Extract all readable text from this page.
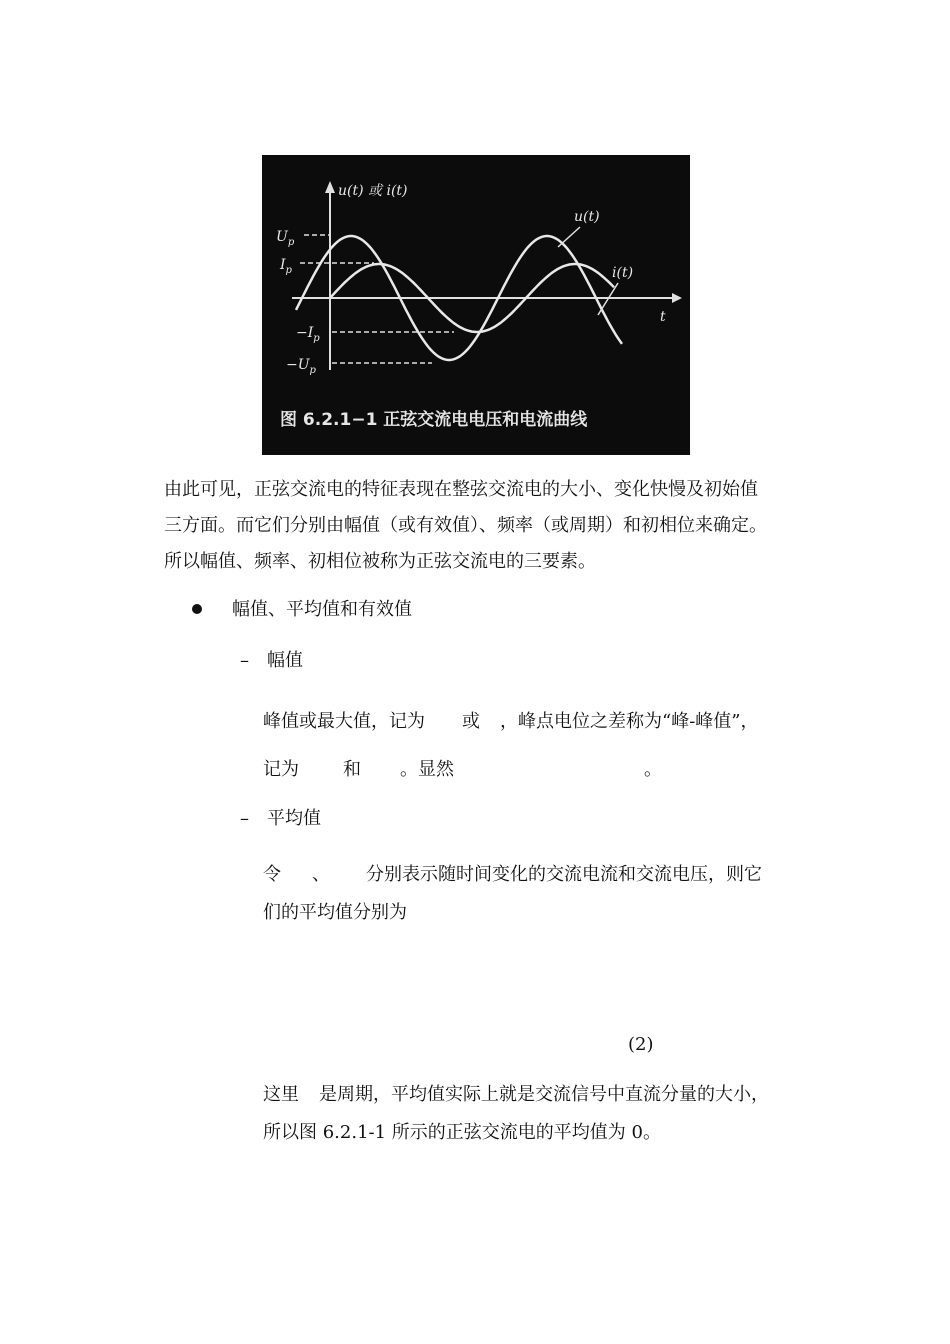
u(t) 或 i(t)
t
u(t)
i(t)
$U_p$
$I_p$
$-I_p$
$-U_p$
图 6.2.1−1 正弦交流电电压和电流曲线
由此可见，正弦交流电的特征表现在整弦交流电的大小、变化快慢及初始值
三方面。而它们分别由幅值（或有效值）、频率（或周期）和初相位来确定。
所以幅值、频率、初相位被称为正弦交流电的三要素。
幅值、平均值和有效值
– 幅值
峰值或最大值，记为 或 ，峰点电位之差称为“峰-峰值”，
记为 和 。显然	。
– 平均值
令 、 分别表示随时间变化的交流电流和交流电压，则它
们的平均值分别为
(2)
这里 是周期，平均值实际上就是交流信号中直流分量的大小，
所以图 6.2.1-1 所示的正弦交流电的平均值为 0。
